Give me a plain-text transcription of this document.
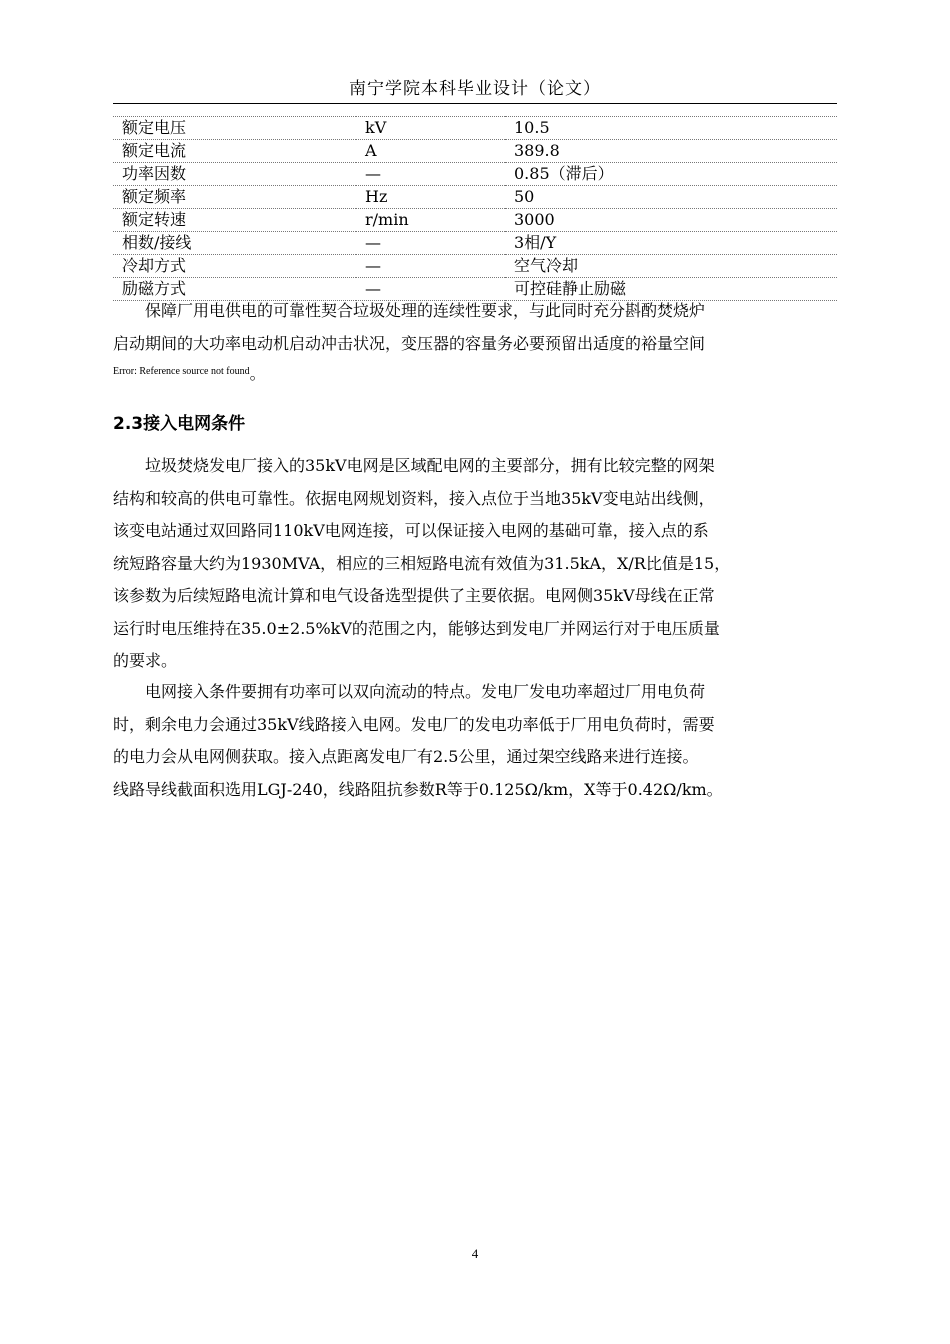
南宁学院本科毕业设计（论文）
额定电压	kV	10.5
额定电流	A	389.8
功率因数	—	0.85（滞后）
额定频率	Hz	50
额定转速	r/min	3000
相数/接线	—	3相/Y
冷却方式	—	空气冷却
励磁方式	—	可控硅静止励磁
保障厂用电供电的可靠性契合垃圾处理的连续性要求，与此同时充分斟酌焚烧炉
启动期间的大功率电动机启动冲击状况，变压器的容量务必要预留出适度的裕量空间
Error: Reference source not found。
2.3接入电网条件
垃圾焚烧发电厂接入的35kV电网是区域配电网的主要部分，拥有比较完整的网架
结构和较高的供电可靠性。依据电网规划资料，接入点位于当地35kV变电站出线侧，
该变电站通过双回路同110kV电网连接，可以保证接入电网的基础可靠，接入点的系
统短路容量大约为1930MVA，相应的三相短路电流有效值为31.5kA，X/R比值是15，
该参数为后续短路电流计算和电气设备选型提供了主要依据。电网侧35kV母线在正常
运行时电压维持在35.0±2.5%kV的范围之内，能够达到发电厂并网运行对于电压质量
的要求。
电网接入条件要拥有功率可以双向流动的特点。发电厂发电功率超过厂用电负荷
时，剩余电力会通过35kV线路接入电网。发电厂的发电功率低于厂用电负荷时，需要
的电力会从电网侧获取。接入点距离发电厂有2.5公里，通过架空线路来进行连接。
线路导线截面积选用LGJ-240，线路阻抗参数R等于0.125Ω/km，X等于0.42Ω/km。
4
